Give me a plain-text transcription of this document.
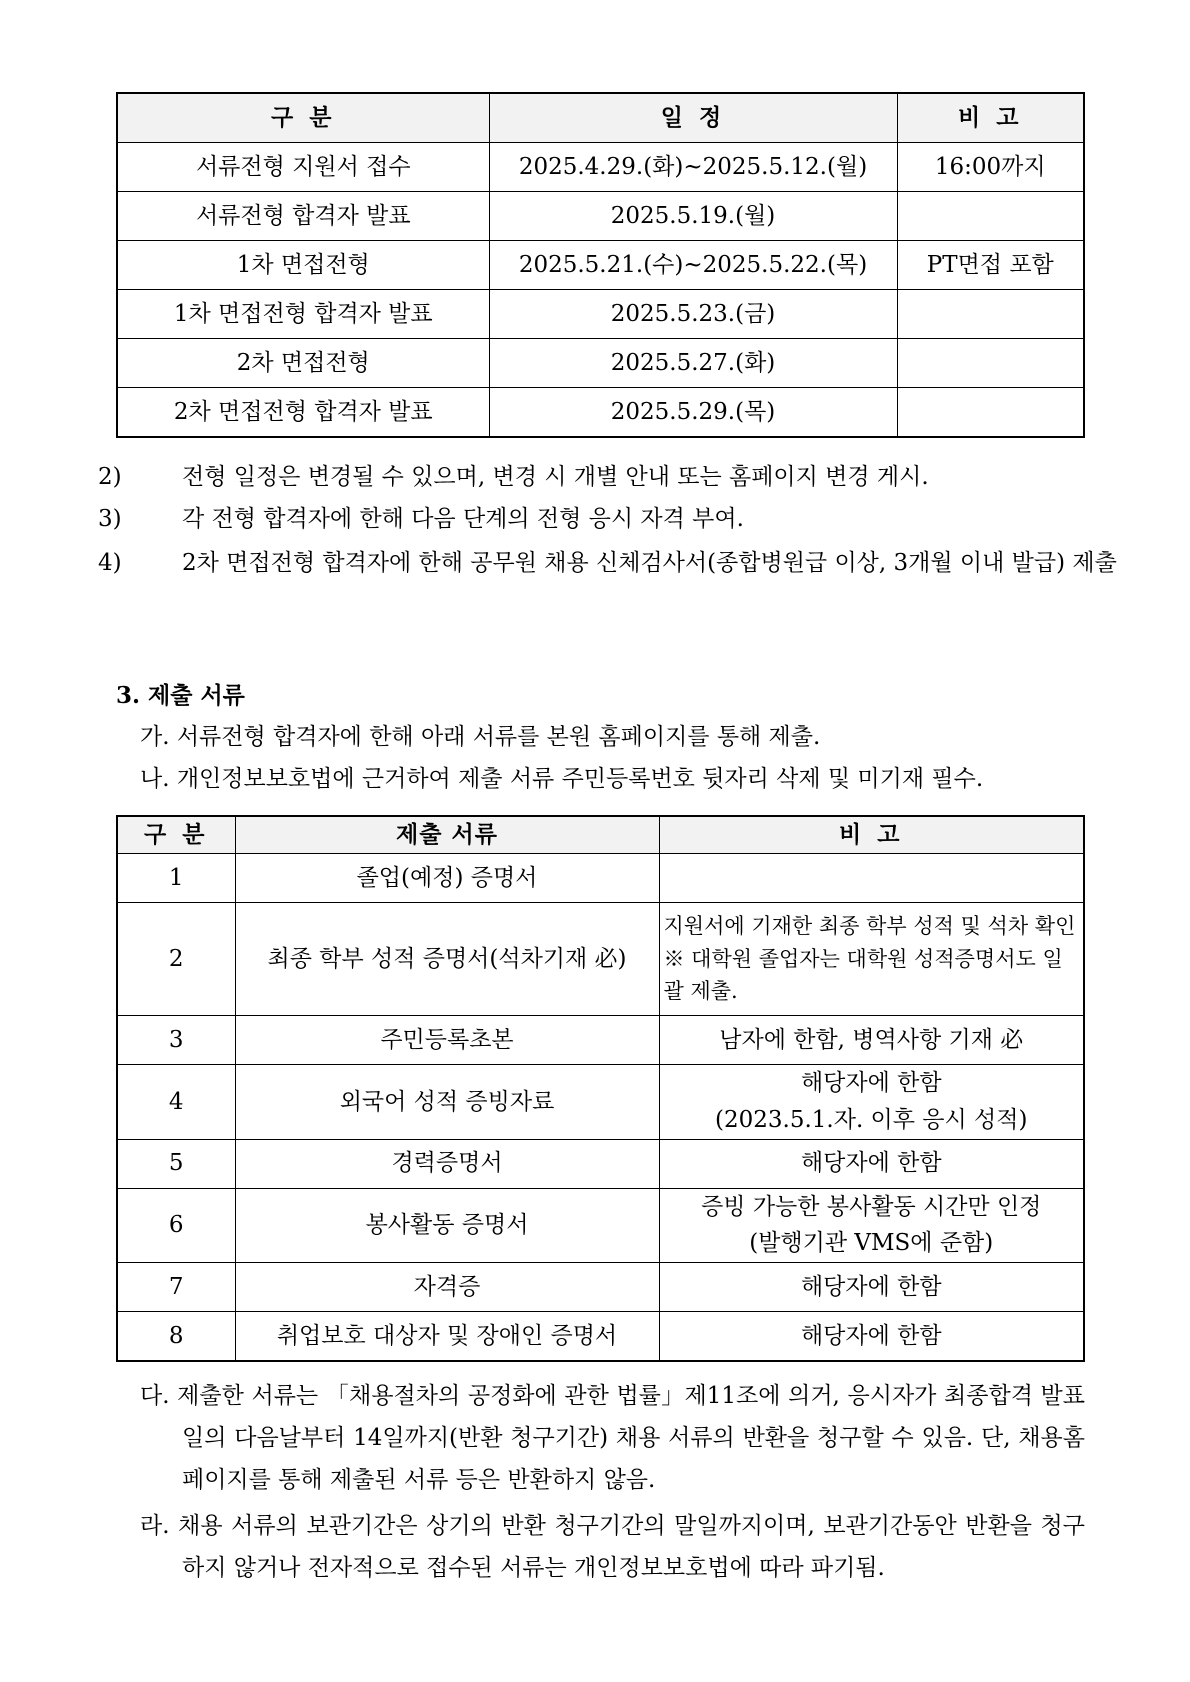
구 분	일 정	비 고
서류전형 지원서 접수	2025.4.29.(화)~2025.5.12.(월)	16:00까지
서류전형 합격자 발표	2025.5.19.(월)	
1차 면접전형	2025.5.21.(수)~2025.5.22.(목)	PT면접 포함
1차 면접전형 합격자 발표	2025.5.23.(금)	
2차 면접전형	2025.5.27.(화)	
2차 면접전형 합격자 발표	2025.5.29.(목)	
2)	전형 일정은 변경될 수 있으며, 변경 시 개별 안내 또는 홈페이지 변경 게시.
3)	각 전형 합격자에 한해 다음 단계의 전형 응시 자격 부여.
4)	2차 면접전형 합격자에 한해 공무원 채용 신체검사서(종합병원급 이상, 3개월 이내 발급) 제출
3. 제출 서류
가. 서류전형 합격자에 한해 아래 서류를 본원 홈페이지를 통해 제출.
나. 개인정보보호법에 근거하여 제출 서류 주민등록번호 뒷자리 삭제 및 미기재 필수.
구 분	제출 서류	비 고
1	졸업(예정) 증명서	
2	최종 학부 성적 증명서(석차기재 必)	지원서에 기재한 최종 학부 성적 및 석차 확인
※ 대학원 졸업자는 대학원 성적증명서도 일괄 제출.
3	주민등록초본	남자에 한함, 병역사항 기재 必
4	외국어 성적 증빙자료	해당자에 한함
(2023.5.1.자. 이후 응시 성적)
5	경력증명서	해당자에 한함
6	봉사활동 증명서	증빙 가능한 봉사활동 시간만 인정
(발행기관 VMS에 준함)
7	자격증	해당자에 한함
8	취업보호 대상자 및 장애인 증명서	해당자에 한함
다. 제출한 서류는 「채용절차의 공정화에 관한 법률」제11조에 의거, 응시자가 최종합격 발표일의 다음날부터 14일까지(반환 청구기간) 채용 서류의 반환을 청구할 수 있음. 단, 채용홈페이지를 통해 제출된 서류 등은 반환하지 않음.
라. 채용 서류의 보관기간은 상기의 반환 청구기간의 말일까지이며, 보관기간동안 반환을 청구하지 않거나 전자적으로 접수된 서류는 개인정보보호법에 따라 파기됨.
